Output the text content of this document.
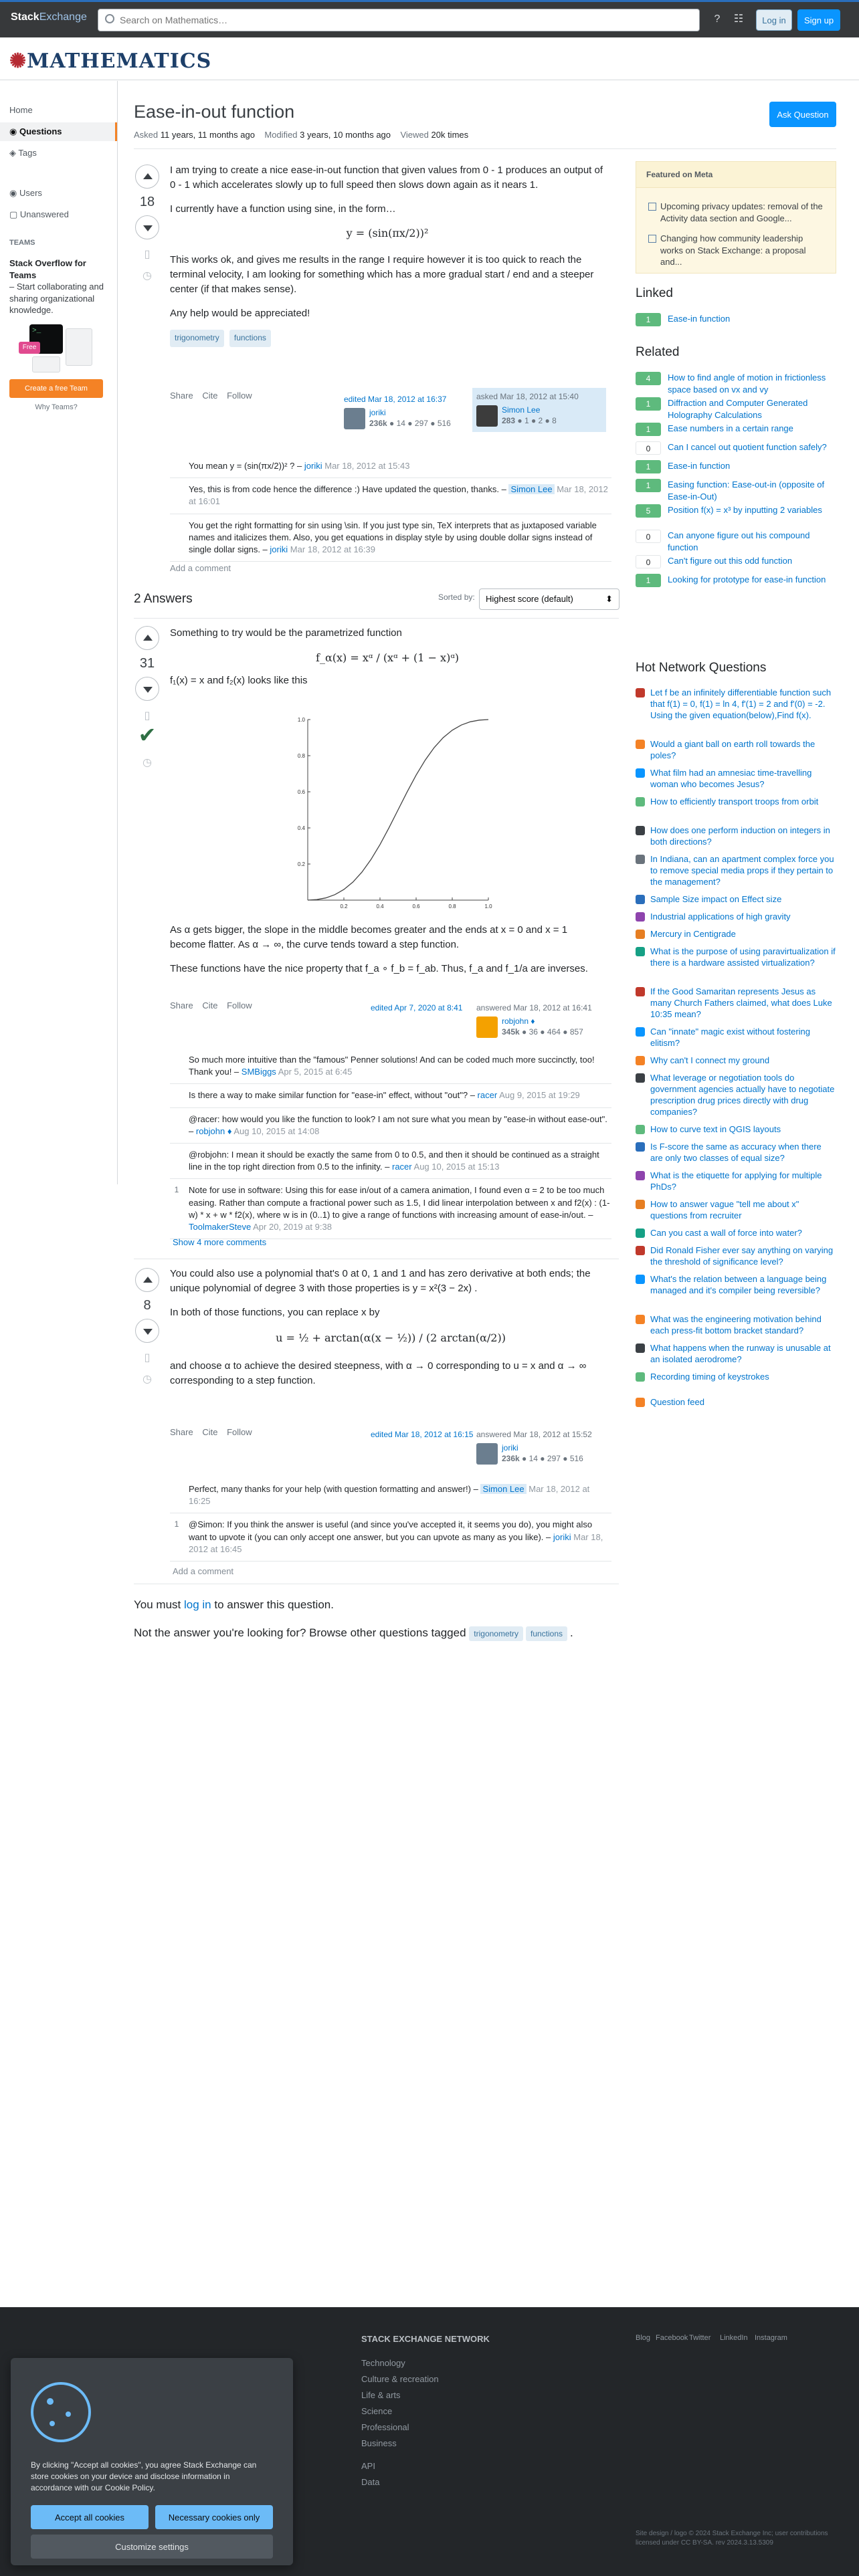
StackExchange
Search on Mathematics…	?	☷	Log in	Sign up
✺MATHEMATICS
Home
◉ Questions
◈ Tags
◉ Users
▢ Unanswered
TEAMS
Stack Overflow for Teams
– Start collaborating and sharing organizational knowledge.
>_
Free
Create a free Team
Why Teams?
Ease-in-out function	Ask Question
Asked 11 years, 11 months ago Modified 3 years, 10 months ago Viewed 20k times
18
▯
◷

I am trying to create a nice ease-in-out function that given values from 0 - 1 produces an output of 0 - 1 which accelerates slowly up to full speed then slows down again as it nears 1.

I currently have a function using sine, in the form…

y = (sin(πx/2))²

This works ok, and gives me results in the range I require however it is too quick to reach the terminal velocity, I am looking for something which has a more gradual start / end and a steeper center (if that makes sense).

Any help would be appreciated!

trigonometry functions
Share Cite Follow	edited Mar 18, 2012 at 16:37
joriki
236k ● 14 ● 297 ● 516
asked Mar 18, 2012 at 15:40
Simon Lee
283 ● 1 ● 2 ● 8
You mean y = (sin(πx/2))² ? – joriki Mar 18, 2012 at 15:43
Yes, this is from code hence the difference :) Have updated the question, thanks. – Simon Lee Mar 18, 2012 at 16:01
You get the right formatting for sin using \sin. If you just type sin, TeX interprets that as juxtaposed variable names and italicizes them. Also, you get equations in display style by using double dollar signs instead of single dollar signs. – joriki Mar 18, 2012 at 16:39
Add a comment
2 Answers	Sorted by:	Highest score (default)	⬍
31
▯
✔
◷

Something to try would be the parametrized function

f_α(x) = xᵅ / (xᵅ + (1 − x)ᵅ)

f₁(x) = x and f₂(x) looks like this

0.2	0.4	0.6	0.8	1.0
0.2
0.4
0.6
0.8
1.0

As α gets bigger, the slope in the middle becomes greater and the ends at x = 0 and x = 1 become flatter. As α → ∞, the curve tends toward a step function.

These functions have the nice property that f_a ∘ f_b = f_ab. Thus, f_a and f_1/a are inverses.

Share Cite Follow	edited Apr 7, 2020 at 8:41	answered Mar 18, 2012 at 16:41
robjohn ♦
345k ● 36 ● 464 ● 857
So much more intuitive than the "famous" Penner solutions! And can be coded much more succinctly, too! Thank you! – SMBiggs Apr 5, 2015 at 6:45
Is there a way to make similar function for "ease-in" effect, without "out"? – racer Aug 9, 2015 at 19:29
@racer: how would you like the function to look? I am not sure what you mean by "ease-in without ease-out". – robjohn ♦ Aug 10, 2015 at 14:08
@robjohn: I mean it should be exactly the same from 0 to 0.5, and then it should be continued as a straight line in the top right direction from 0.5 to the infinity. – racer Aug 10, 2015 at 15:13
1	Note for use in software: Using this for ease in/out of a camera animation, I found even α = 2 to be too much easing. Rather than compute a fractional power such as 1.5, I did linear interpolation between x and f2(x) : (1-w) * x + w * f2(x), where w is in (0..1) to give a range of functions with increasing amount of ease-in/out. – ToolmakerSteve Apr 20, 2019 at 9:38
Show 4 more comments
8
▯
◷

You could also use a polynomial that's 0 at 0, 1 and 1 and has zero derivative at both ends; the unique polynomial of degree 3 with those properties is y = x²(3 − 2x) .

In both of those functions, you can replace x by

u = ½ + arctan(α(x − ½)) / (2 arctan(α/2))

and choose α to achieve the desired steepness, with α → 0 corresponding to u = x and α → ∞ corresponding to a step function.

Share Cite Follow	edited Mar 18, 2012 at 16:15 answered Mar 18, 2012 at 15:52
joriki
236k ● 14 ● 297 ● 516
Perfect, many thanks for your help (with question formatting and answer!) – Simon Lee Mar 18, 2012 at 16:25
1	@Simon: If you think the answer is useful (and since you've accepted it, it seems you do), you might also want to upvote it (you can only accept one answer, but you can upvote as many as you like). – joriki Mar 18, 2012 at 16:45
Add a comment
You must log in to answer this question.
Not the answer you're looking for? Browse other questions tagged trigonometry functions .
Featured on Meta
Upcoming privacy updates: removal of the Activity data section and Google...
Changing how community leadership works on Stack Exchange: a proposal and...
Linked
1	Ease-in function
Related
4	How to find angle of motion in frictionless space based on vx and vy
1	Diffraction and Computer Generated Holography Calculations
1	Ease numbers in a certain range
0	Can I cancel out quotient function safely?
1	Ease-in function
1	Easing function: Ease-out-in (opposite of Ease-in-Out)
5	Position f(x) = x³ by inputting 2 variables
0	Can anyone figure out his compound function
0	Can't figure out this odd function
1	Looking for prototype for ease-in function
Hot Network Questions
Let f be an infinitely differentiable function such that f(1) = 0, f(1) = ln 4, f'(1) = 2 and f'(0) = -2. Using the given equation(below),Find f(x).
Would a giant ball on earth roll towards the poles?
What film had an amnesiac time-travelling woman who becomes Jesus?
How to efficiently transport troops from orbit
How does one perform induction on integers in both directions?
In Indiana, can an apartment complex force you to remove special media props if they pertain to the management?
Sample Size impact on Effect size
Industrial applications of high gravity
Mercury in Centigrade
What is the purpose of using paravirtualization if there is a hardware assisted virtualization?
If the Good Samaritan represents Jesus as many Church Fathers claimed, what does Luke 10:35 mean?
Can "innate" magic exist without fostering elitism?
Why can't I connect my ground
What leverage or negotiation tools do government agencies actually have to negotiate prescription drug prices directly with drug companies?
How to curve text in QGIS layouts
Is F-score the same as accuracy when there are only two classes of equal size?
What is the etiquette for applying for multiple PhDs?
How to answer vague "tell me about x" questions from recruiter
Can you cast a wall of force into water?
Did Ronald Fisher ever say anything on varying the threshold of significance level?
What's the relation between a language being managed and it's compiler being reversible?
What was the engineering motivation behind each press-fit bottom bracket standard?
What happens when the runway is unusable at an isolated aerodrome?
Recording timing of keystrokes
Question feed
STACK EXCHANGE NETWORK
Technology
Culture & recreation
Life & arts
Science
Professional
Business
API
Data
Blog Facebook Twitter LinkedIn Instagram
Site design / logo © 2024 Stack Exchange Inc; user contributions licensed under CC BY-SA. rev 2024.3.13.5309
By clicking "Accept all cookies", you agree Stack Exchange can store cookies on your device and disclose information in accordance with our Cookie Policy.
Accept all cookies	Necessary cookies only
Customize settings
